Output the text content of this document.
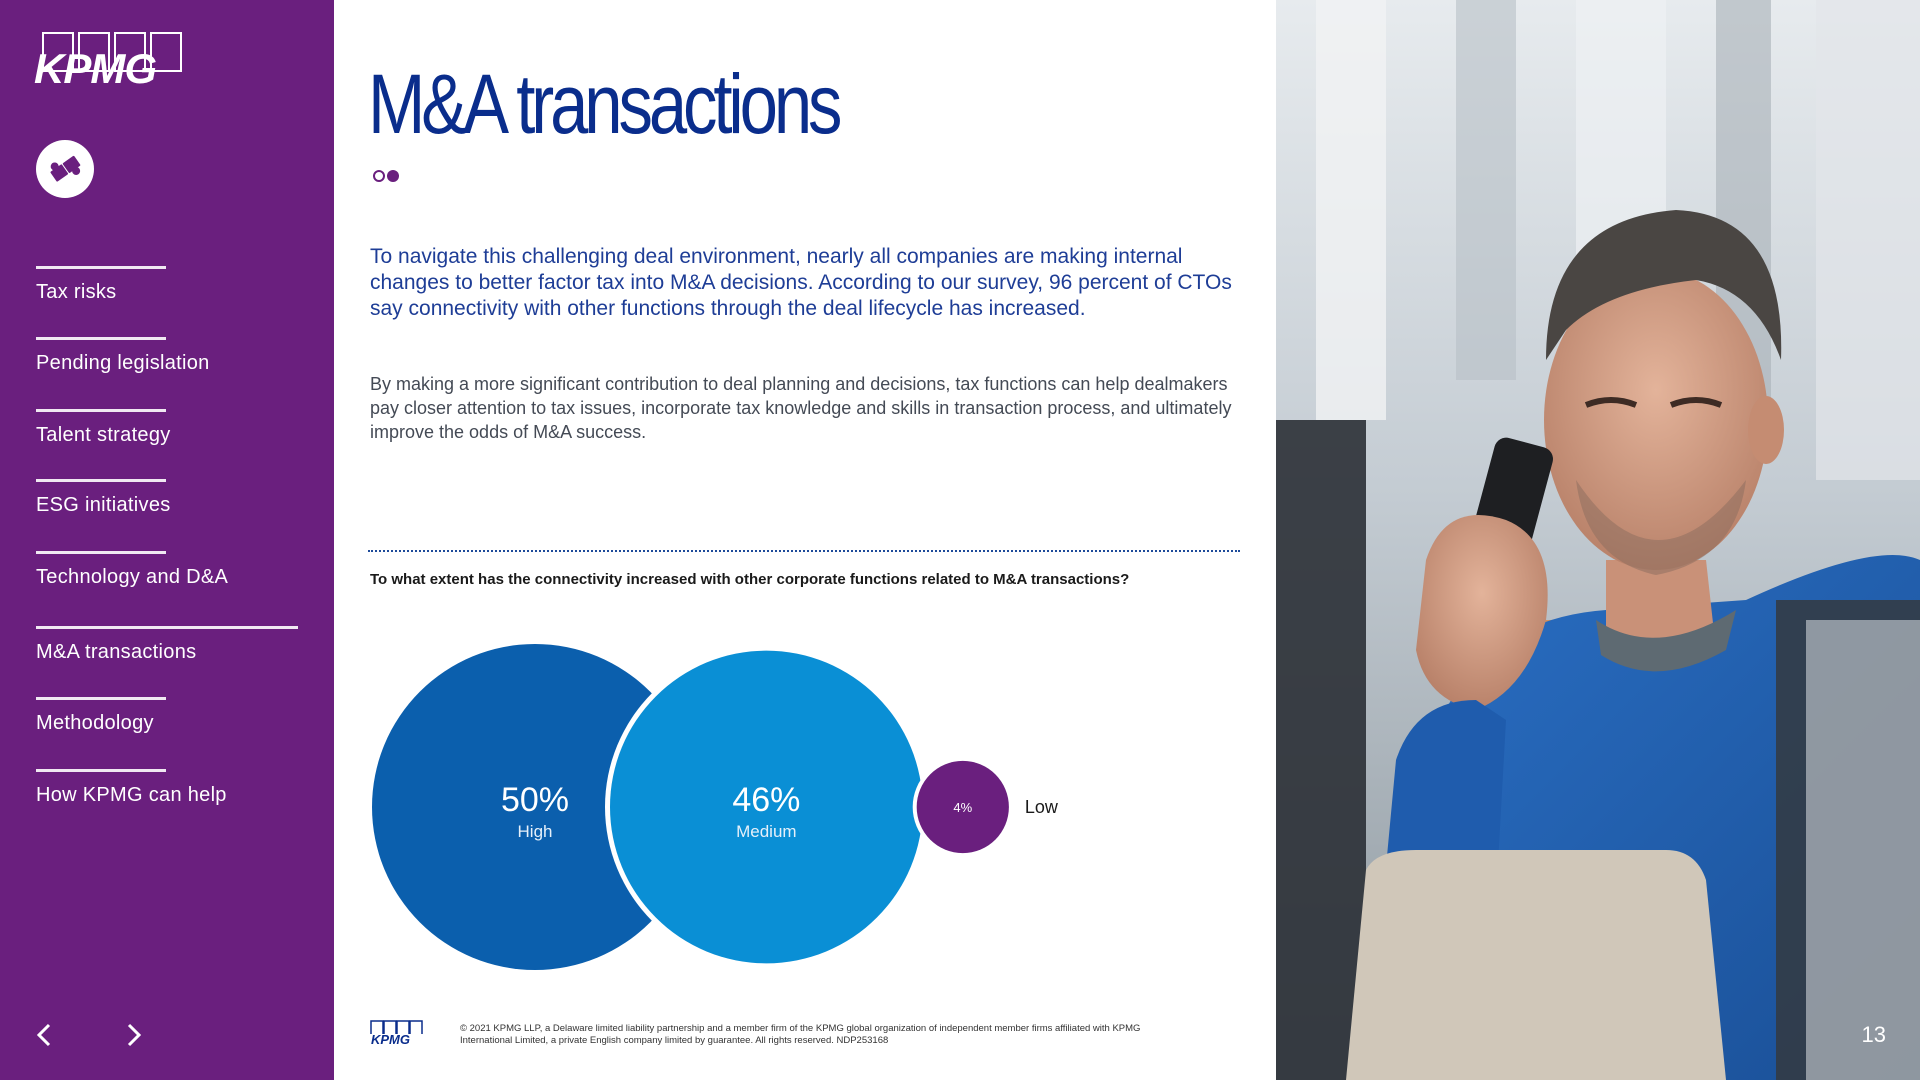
KPMG
Tax risks
Pending legislation
Talent strategy
ESG initiatives
Technology and D&A
M&A transactions
Methodology
How KPMG can help
M&A transactions
To navigate this challenging deal environment, nearly all companies are making internal changes to better factor tax into M&A decisions. According to our survey, 96 percent of CTOs say connectivity with other functions through the deal lifecycle has increased.
By making a more significant contribution to deal planning and decisions, tax functions can help dealmakers pay closer attention to tax issues, incorporate tax knowledge and skills in transaction process, and ultimately improve the odds of M&A success.
To what extent has the connectivity increased with other corporate functions related to M&A transactions?
50%
High
46%
Medium
4%	Low
KPMG
© 2021 KPMG LLP, a Delaware limited liability partnership and a member firm of the KPMG global organization of independent member firms affiliated with KPMG International Limited, a private English company limited by guarantee. All rights reserved. NDP253168	13
